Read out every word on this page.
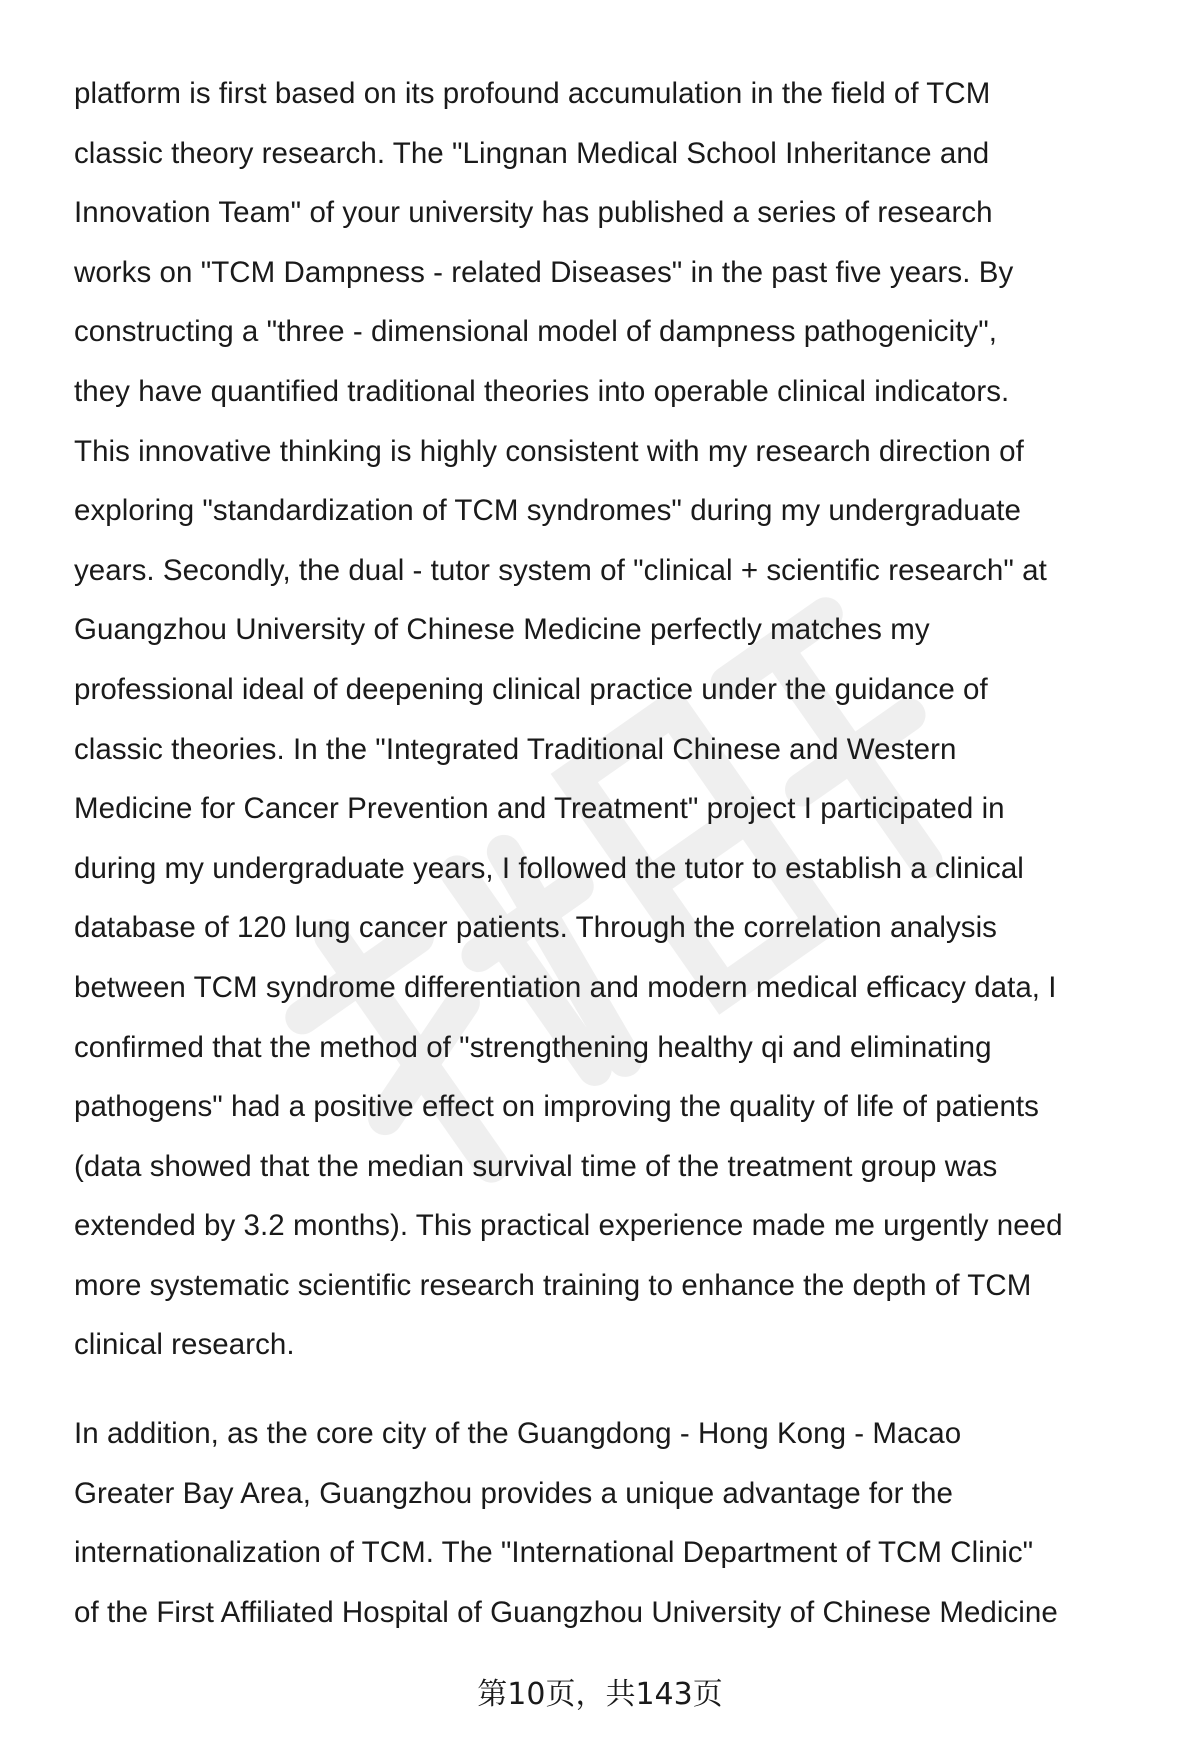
platform is first based on its profound accumulation in the field of TCM
classic theory research. The "Lingnan Medical School Inheritance and
Innovation Team" of your university has published a series of research
works on "TCM Dampness - related Diseases" in the past five years. By
constructing a "three - dimensional model of dampness pathogenicity",
they have quantified traditional theories into operable clinical indicators.
This innovative thinking is highly consistent with my research direction of
exploring "standardization of TCM syndromes" during my undergraduate
years. Secondly, the dual - tutor system of "clinical + scientific research" at
Guangzhou University of Chinese Medicine perfectly matches my
professional ideal of deepening clinical practice under the guidance of
classic theories. In the "Integrated Traditional Chinese and Western
Medicine for Cancer Prevention and Treatment" project I participated in
during my undergraduate years, I followed the tutor to establish a clinical
database of 120 lung cancer patients. Through the correlation analysis
between TCM syndrome differentiation and modern medical efficacy data, I
confirmed that the method of "strengthening healthy qi and eliminating
pathogens" had a positive effect on improving the quality of life of patients
(data showed that the median survival time of the treatment group was
extended by 3.2 months). This practical experience made me urgently need
more systematic scientific research training to enhance the depth of TCM
clinical research.

In addition, as the core city of the Guangdong - Hong Kong - Macao
Greater Bay Area, Guangzhou provides a unique advantage for the
internationalization of TCM. The "International Department of TCM Clinic"
of the First Affiliated Hospital of Guangzhou University of Chinese Medicine

第10页，共143页
